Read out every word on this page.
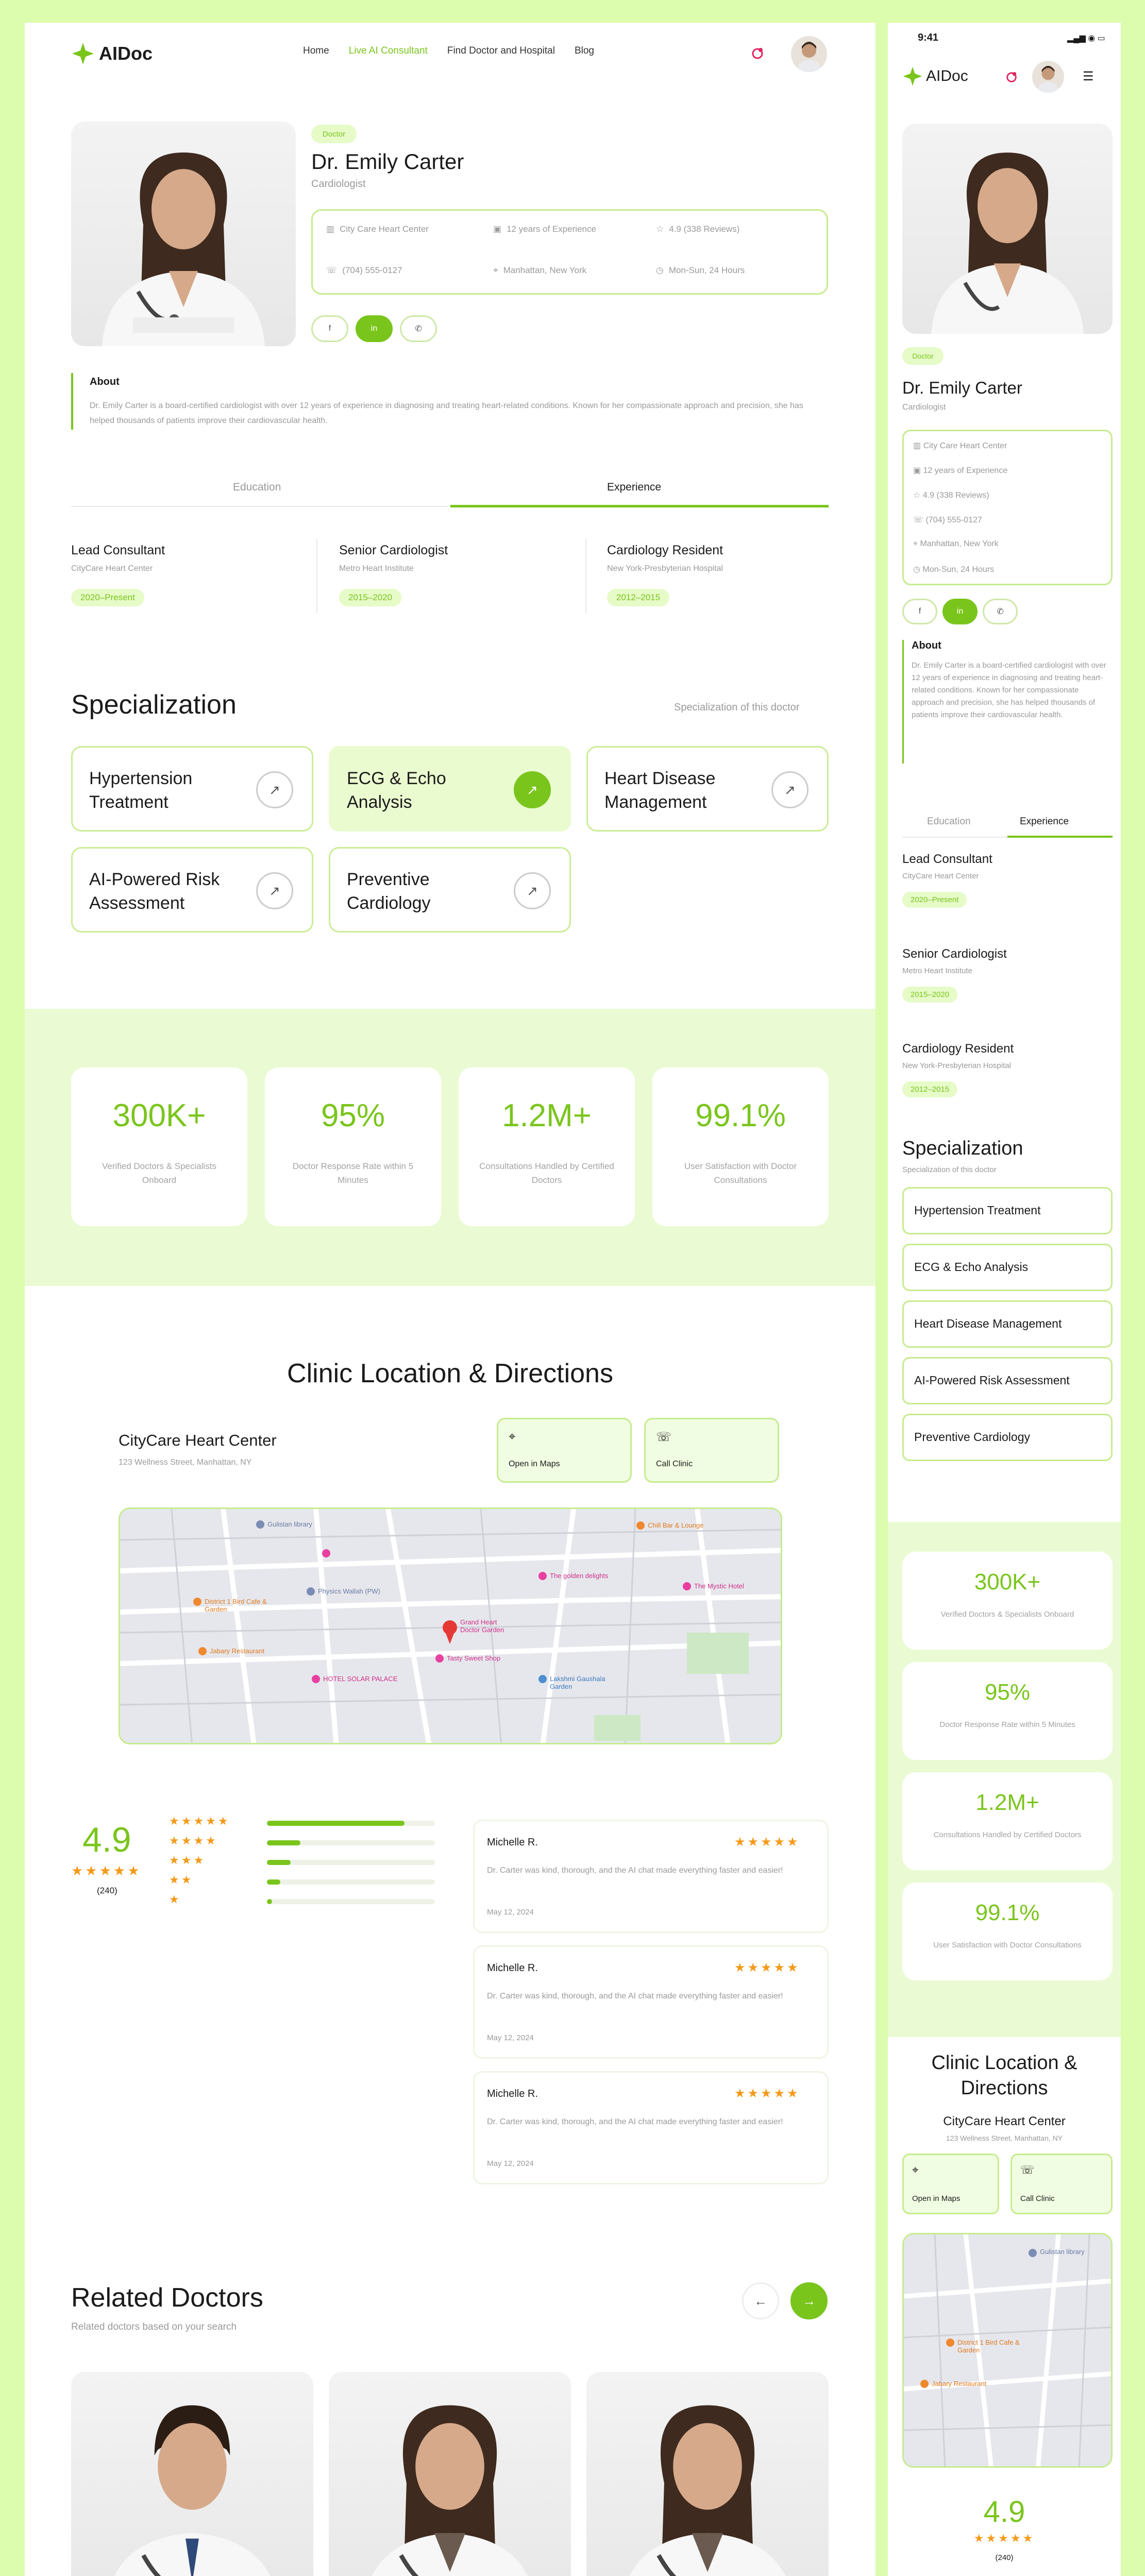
AIDoc	Home Live AI Consultant Find Doctor and Hospital Blog
Doctor
Dr. Emily Carter
Cardiologist
▥ City Care Heart Center	▣ 12 years of Experience	☆ 4.9 (338 Reviews)
☏ (704) 555-0127	⌖ Manhattan, New York	◷ Mon-Sun, 24 Hours
f	in	✆
About
Dr. Emily Carter is a board-certified cardiologist with over 12 years of experience in diagnosing and treating heart-related conditions. Known for her compassionate approach and precision, she has helped thousands of patients improve their cardiovascular health.
Education	Experience
Lead Consultant
CityCare Heart Center
2020–Present
Senior Cardiologist
Metro Heart Institute
2015–2020
Cardiology Resident
New York-Presbyterian Hospital
2012–2015
Specialization	Specialization of this doctor
Hypertension Treatment
↗
ECG & Echo Analysis
↗
Heart Disease Management
↗
AI-Powered Risk Assessment
↗
Preventive Cardiology
↗
300K+
Verified Doctors & Specialists Onboard
95%
Doctor Response Rate within 5 Minutes
1.2M+
Consultations Handled by Certified Doctors
99.1%
User Satisfaction with Doctor Consultations
Clinic Location & Directions
CityCare Heart Center
123 Wellness Street, Manhattan, NY
⌖
Open in Maps
☏
Call Clinic
Gulistan library	Chill Bar & Lounge
District 1 Bird Cafe & Garden
Physics Wallah (PW)
The golden delights
The Mystic Hotel
Grand Heart Doctor Garden
Jabary Restaurant
Lakshmi Gaushala Garden
Tasty Sweet Shop
HOTEL SOLAR PALACE
4.9
★★★★★
(240)
★★★★★
★★★★
★★★
★★
★
Michelle R.	★★★★★
Dr. Carter was kind, thorough, and the AI chat made everything faster and easier!
May 12, 2024
Michelle R.	★★★★★
Dr. Carter was kind, thorough, and the AI chat made everything faster and easier!
May 12, 2024
Michelle R.	★★★★★
Dr. Carter was kind, thorough, and the AI chat made everything faster and easier!
May 12, 2024
Related Doctors
Related doctors based on your search
←	→
9:41	▂▄▆ ◉ ▭
AIDoc	☰
Doctor
Dr. Emily Carter
Cardiologist
▥ City Care Heart Center
▣ 12 years of Experience
☆ 4.9 (338 Reviews)
☏ (704) 555-0127
⌖ Manhattan, New York
◷ Mon-Sun, 24 Hours
f	in	✆
About
Dr. Emily Carter is a board-certified cardiologist with over 12 years of experience in diagnosing and treating heart-related conditions. Known for her compassionate approach and precision, she has helped thousands of patients improve their cardiovascular health.
Education	Experience
Lead Consultant
CityCare Heart Center
2020–Present
Senior Cardiologist
Metro Heart Institute
2015–2020
Cardiology Resident
New York-Presbyterian Hospital
2012–2015
Specialization
Specialization of this doctor
Clinic Location & Directions
CityCare Heart Center
123 Wellness Street, Manhattan, NY
⌖
Open in Maps
☏
Call Clinic
Gulistan library
District 1 Bird Cafe & Garden
Jabary Restaurant
4.9
★★★★★
(240)
Hypertension Treatment
ECG & Echo Analysis
Heart Disease Management
AI-Powered Risk Assessment
Preventive Cardiology
300K+
Verified Doctors & Specialists Onboard
95%
Doctor Response Rate within 5 Minutes
1.2M+
Consultations Handled by Certified Doctors
99.1%
User Satisfaction with Doctor Consultations
